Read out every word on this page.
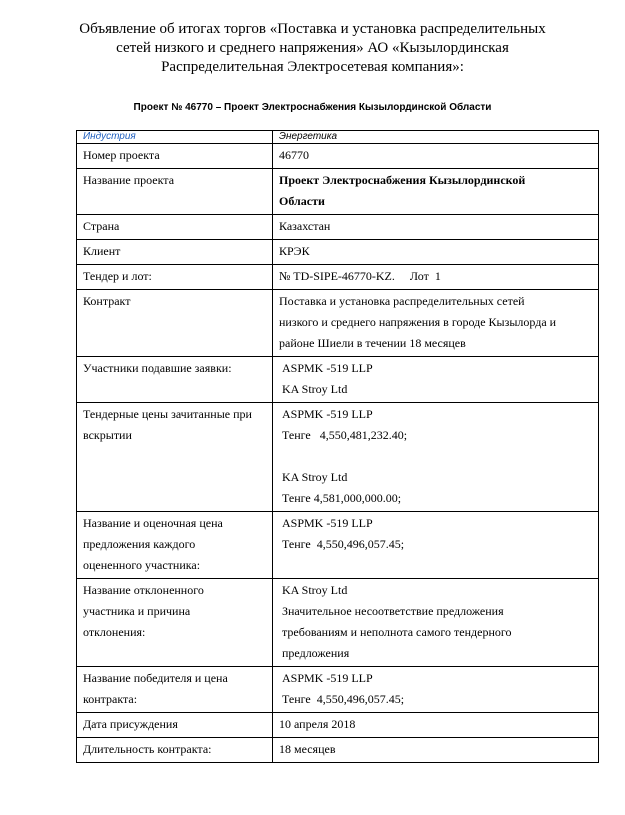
Объявление об итогах торгов «Поставка и установка распределительных
сетей низкого и среднего напряжения» АО «Кызылординская
Распределительная Электросетевая компания»:
Проект № 46770 – Проект Электроснабжения Кызылординской Области
Индустрия	Энергетика
Номер проекта	46770
Название проекта	Проект Электроснабжения Кызылординской
Области

Страна	Казахстан
Клиент	КРЭК
Тендер и лот:	№ TD-SIPE-46770-KZ.     Лот  1
Контракт	Поставка и установка распределительных сетей
низкого и среднего напряжения в городе Кызылорда и
районе Шиели в течении 18 месяцев

Участники подавшие заявки:	ASPMK -519 LLP
KA Stroy Ltd

Тендерные цены зачитанные при
вскрытии	ASPMK -519 LLP
Тенге   4,550,481,232.40;
KA Stroy Ltd
Тенге 4,581,000,000.00;

Название и оценочная цена
предложения каждого
оцененного участника:	ASPMK -519 LLP
Тенге  4,550,496,057.45;

Название отклоненного
участника и причина
отклонения:	KA Stroy Ltd
Значительное несоответствие предложения
требованиям и неполнота самого тендерного
предложения

Название победителя и цена
контракта:	ASPMK -519 LLP
Тенге  4,550,496,057.45;

Дата присуждения	10 апреля 2018
Длительность контракта:	18 месяцев
